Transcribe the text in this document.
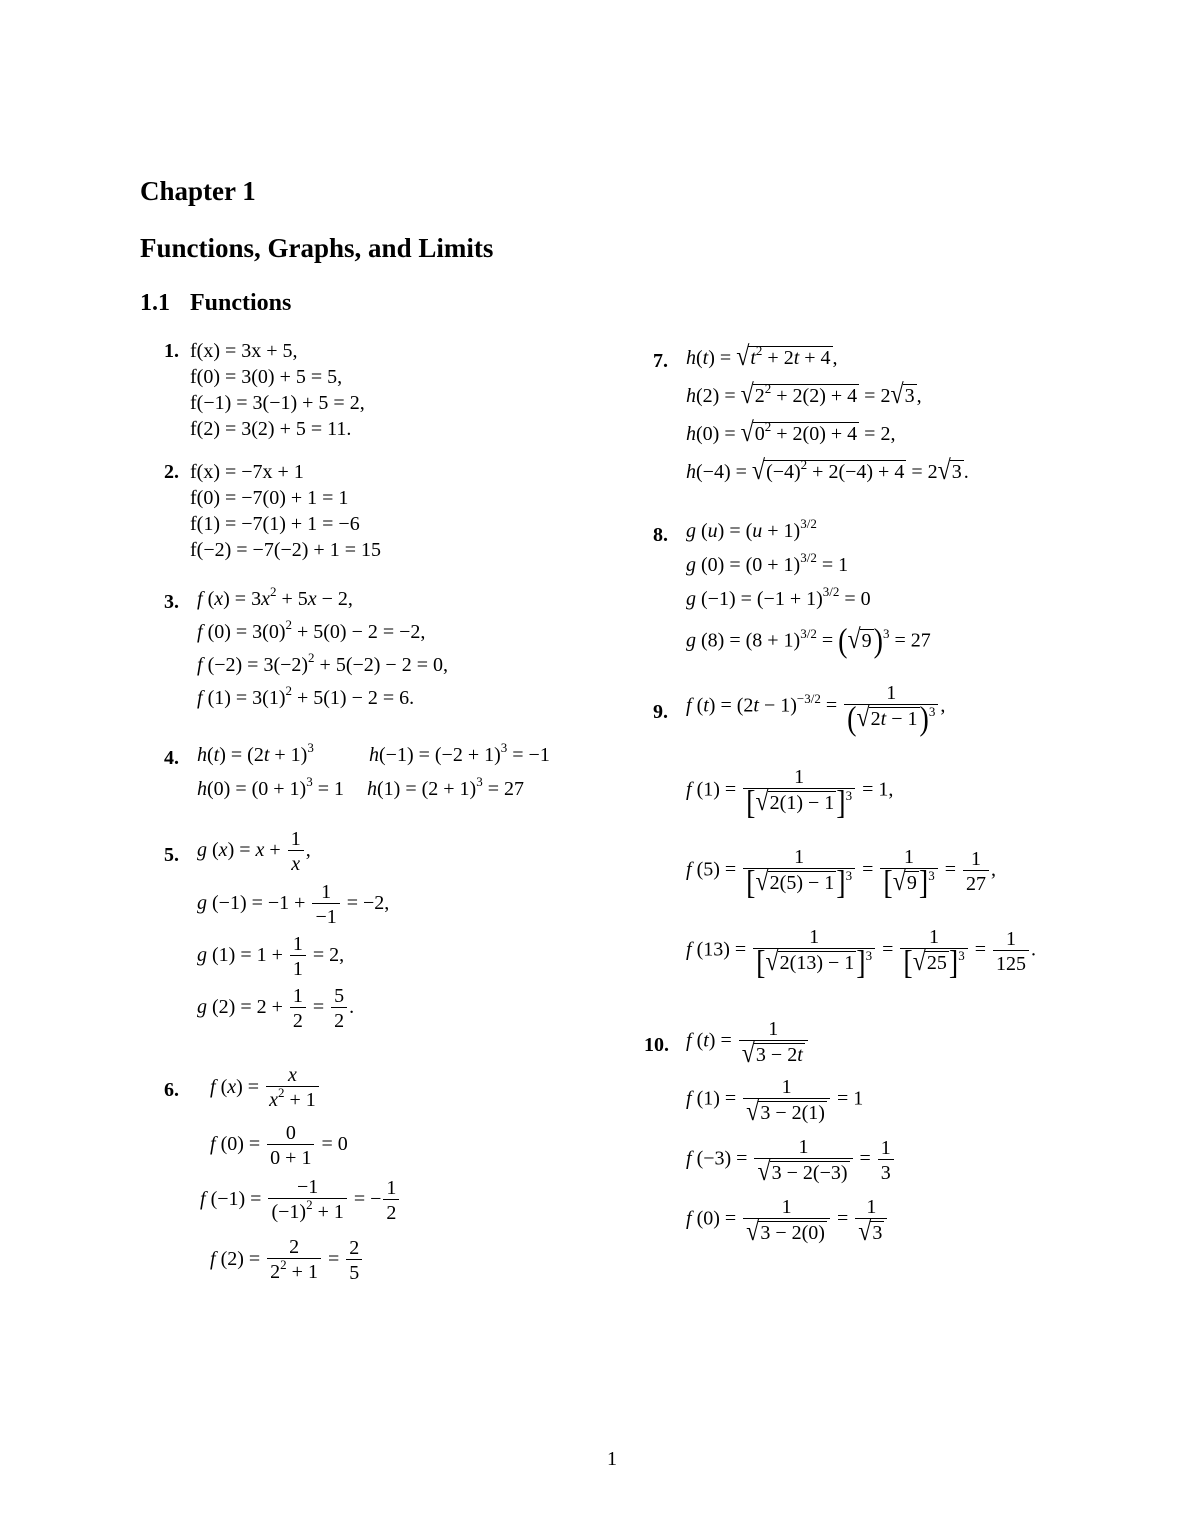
Chapter 1
Functions, Graphs, and Limits
1.1 Functions
1. f(x) = 3x + 5,
f(0) = 3(0) + 5 = 5,
f(−1) = 3(−1) + 5 = 2,
f(2) = 3(2) + 5 = 11.
2. f(x) = −7x + 1
f(0) = −7(0) + 1 = 1
f(1) = −7(1) + 1 = −6
f(−2) = −7(−2) + 1 = 15
3. f $(x) = 3x^2 + 5x - 2$,
f $(0) = 3(0)^2 + 5(0) - 2 = -2$,
f $(-2) = 3(-2)^2 + 5(-2) - 2 = 0$,
f $(1) = 3(1)^2 + 5(1) - 2 = 6$.
4. $h(t) = (2t + 1)^3$	$h(-1) = (-2 + 1)^3 = -1$
$h(0) = (0 + 1)^3 = 1$ $h(1) = (2 + 1)^3 = 27$
5. g $(x) = x + \frac{1}{x}$ ,
g $(-1) = -1 + \frac{1}{-1} = -2$,
g $(1) = 1 + \frac{1}{1} = 2$,
g $(2) = 2 + \frac{1}{2} = \frac{5}{2}$ .
6. f $(x) = \frac{x}{x^2 + 1}$
f $(0) = \frac{0}{0 + 1} = 0$
f $(-1) = \frac{-1}{(-1)^2 + 1}$ = − $\frac{1}{2}$
f $(2) = \frac{2}{2^2 + 1} = \frac{2}{5}$
7. $h(t) = √t^2 + 2t + 4$ ,
$h(2) = √2^2 + 2(2) + 4 = 2√3$ ,
$h(0) = √0^2 + 2(0) + 4 = 2$,
$h(-4) = √(-4)^2 + 2(-4) + 4 = 2√3$ .
8. g $(u) = (u + 1)^{3/2}$
g $(0) = (0 + 1)^{3/2} = 1$
g $(-1) = (-1 + 1)^{3/2} = 0$
g $(8) = (8 + 1)^{3/2} = (√9)^3 = 27$
9. f $(t) = (2t - 1)^{-3/2} = \frac{1}{(√2t - 1)^3}$ ,
f $(1) = \frac{1}{[√2(1) - 1]^3} = 1$,
f $(5) = \frac{1}{[√2(5) - 1]^3} = \frac{1}{[√9]^3} = \frac{1}{27}$ ,
f $(13) = \frac{1}{[√2(13) - 1]^3} = \frac{1}{[√25]^3} = \frac{1}{125}$ .
10. f $(t) = \frac{1}{√3 - 2t}$
f $(1) = \frac{1}{√3 - 2(1)} = 1$
f $(-3) = \frac{1}{√3 - 2(-3)} = \frac{1}{3}$
f $(0) = \frac{1}{√3 - 2(0)} = \frac{1}{√3}$
1
